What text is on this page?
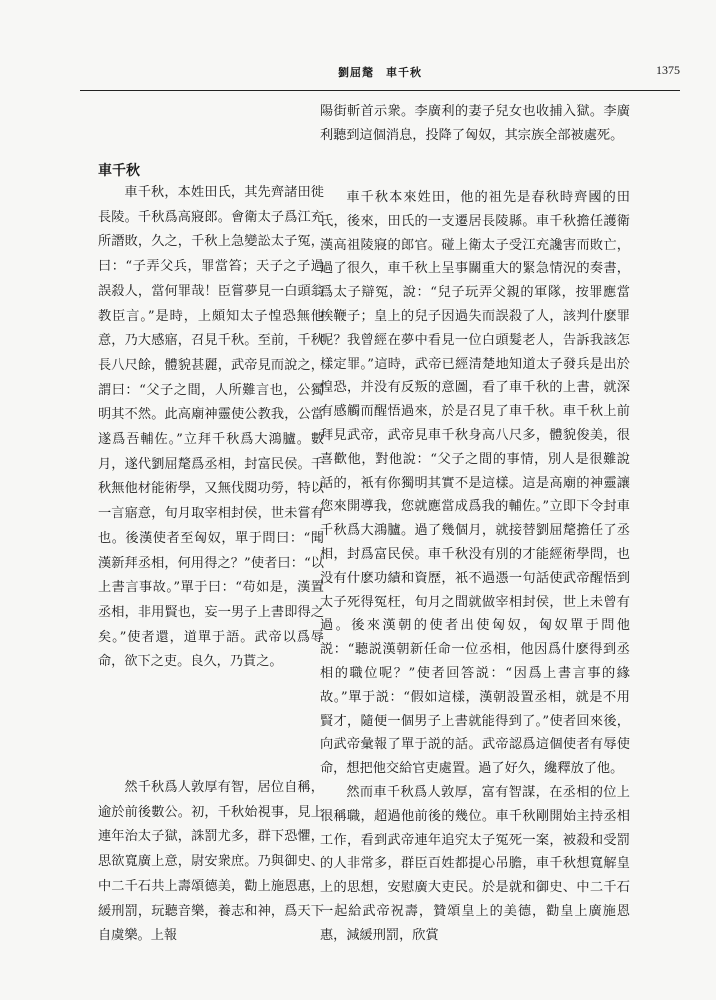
劉屈氂　車千秋	1375
車千秋

車千秋，本姓田氏，其先齊諸田徙長陵。千秋爲高寢郎。會衛太子爲江充所譖敗，久之，千秋上急變訟太子冤，曰：“子弄父兵，罪當笞；天子之子過誤殺人，當何罪哉！臣嘗夢見一白頭翁教臣言。”是時，上頗知太子惶恐無他意，乃大感寤，召見千秋。至前，千秋長八尺餘，體貌甚麗，武帝見而說之，謂曰：“父子之間，人所難言也，公獨明其不然。此高廟神靈使公教我，公當遂爲吾輔佐。”立拜千秋爲大鴻臚。數月，遂代劉屈氂爲丞相，封富民侯。千秋無他材能術學，又無伐閱功勞，特以一言寤意，旬月取宰相封侯，世未嘗有也。後漢使者至匈奴，單于問曰：“聞漢新拜丞相，何用得之？”使者曰：“以上書言事故。”單于曰：“苟如是，漢置丞相，非用賢也，妄一男子上書即得之矣。”使者還，道單于語。武帝以爲辱命，欲下之吏。良久，乃貰之。

然千秋爲人敦厚有智，居位自稱，逾於前後數公。初，千秋始視事，見上連年治太子獄，誅罰尤多，群下恐懼，思欲寬廣上意，尉安衆庶。乃與御史、中二千石共上壽頌德美，勸上施恩惠，緩刑罰，玩聽音樂，養志和神，爲天下自虞樂。上報

陽街斬首示衆。李廣利的妻子兒女也收捕入獄。李廣利聽到這個消息，投降了匈奴，其宗族全部被處死。

車千秋本來姓田，他的祖先是春秋時齊國的田氏，後來，田氏的一支遷居長陵縣。車千秋擔任護衛漢高祖陵寢的郎官。碰上衛太子受江充讒害而敗亡，過了很久，車千秋上呈事關重大的緊急情況的奏書，爲太子辯冤，說：“兒子玩弄父親的軍隊，按罪應當挨鞭子；皇上的兒子因過失而誤殺了人，該判什麽罪呢？我曾經在夢中看見一位白頭髮老人，告訴我該怎樣定罪。”這時，武帝已經清楚地知道太子發兵是出於惶恐，并没有反叛的意圖，看了車千秋的上書，就深有感觸而醒悟過來，於是召見了車千秋。車千秋上前拜見武帝，武帝見車千秋身高八尺多，體貌俊美，很喜歡他，對他說：“父子之間的事情，別人是很難說話的，衹有你獨明其實不是這樣。這是高廟的神靈讓您來開導我，您就應當成爲我的輔佐。”立即下令封車千秋爲大鴻臚。過了幾個月，就接替劉屈氂擔任了丞相，封爲富民侯。車千秋没有別的才能經術學問，也没有什麽功績和資歷，衹不過憑一句話使武帝醒悟到太子死得冤枉，旬月之間就做宰相封侯，世上未曾有過。後來漢朝的使者出使匈奴，匈奴單于問他説：“聽説漢朝新任命一位丞相，他因爲什麽得到丞相的職位呢？”使者回答説：“因爲上書言事的緣故。”單于説：“假如這樣，漢朝設置丞相，就是不用賢才，隨便一個男子上書就能得到了。”使者回來後，向武帝彙報了單于説的話。武帝認爲這個使者有辱使命，想把他交給官吏處置。過了好久，纔釋放了他。

然而車千秋爲人敦厚，富有智謀，在丞相的位上很稱職，超過他前後的幾位。車千秋剛開始主持丞相工作，看到武帝連年追究太子冤死一案，被殺和受罰的人非常多，群臣百姓都提心吊膽，車千秋想寬解皇上的思想，安慰廣大吏民。於是就和御史、中二千石一起給武帝祝壽，贊頌皇上的美德，勸皇上廣施恩惠，減緩刑罰，欣賞
